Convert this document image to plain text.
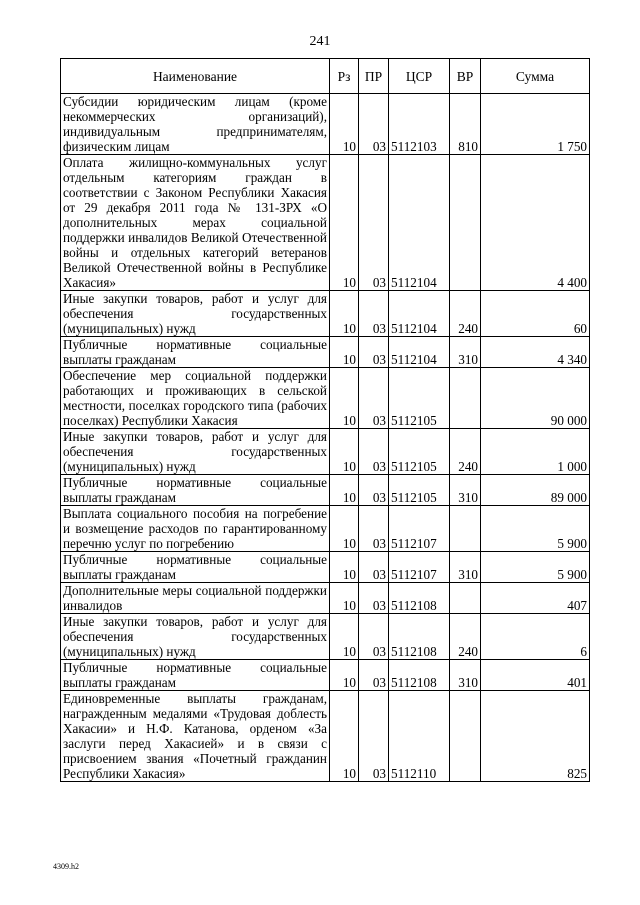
241
Наименование	Рз	ПР	ЦСР	ВР	Сумма
Субсидии юридическим лицам (кроме некоммерческих организаций), индивидуальным предпринимателям, физическим лицам	10	03	5112103	810	1 750
Оплата жилищно-коммунальных услуг отдельным категориям граждан в соответствии с Законом Республики Хакасия от 29 декабря 2011 года № 131-ЗРХ «О дополнительных мерах социальной поддержки инвалидов Великой Отечественной войны и отдельных категорий ветеранов Великой Отечественной войны в Республике Хакасия»	10	03	5112104		4 400
Иные закупки товаров, работ и услуг для обеспечения государственных (муниципальных) нужд	10	03	5112104	240	60
Публичные нормативные социальные выплаты гражданам	10	03	5112104	310	4 340
Обеспечение мер социальной поддержки работающих и проживающих в сельской местности, поселках городского типа (рабочих поселках) Республики Хакасия	10	03	5112105		90 000
Иные закупки товаров, работ и услуг для обеспечения государственных (муниципальных) нужд	10	03	5112105	240	1 000
Публичные нормативные социальные выплаты гражданам	10	03	5112105	310	89 000
Выплата социального пособия на погребение и возмещение расходов по гарантированному перечню услуг по погребению	10	03	5112107		5 900
Публичные нормативные социальные выплаты гражданам	10	03	5112107	310	5 900
Дополнительные меры социальной поддержки инвалидов	10	03	5112108		407
Иные закупки товаров, работ и услуг для обеспечения государственных (муниципальных) нужд	10	03	5112108	240	6
Публичные нормативные социальные выплаты гражданам	10	03	5112108	310	401
Единовременные выплаты гражданам, награжденным медалями «Трудовая доблесть Хакасии» и Н.Ф. Катанова, орденом «За заслуги перед Хакасией» и в связи с присвоением звания «Почетный гражданин Республики Хакасия»	10	03	5112110		825
4309.h2
